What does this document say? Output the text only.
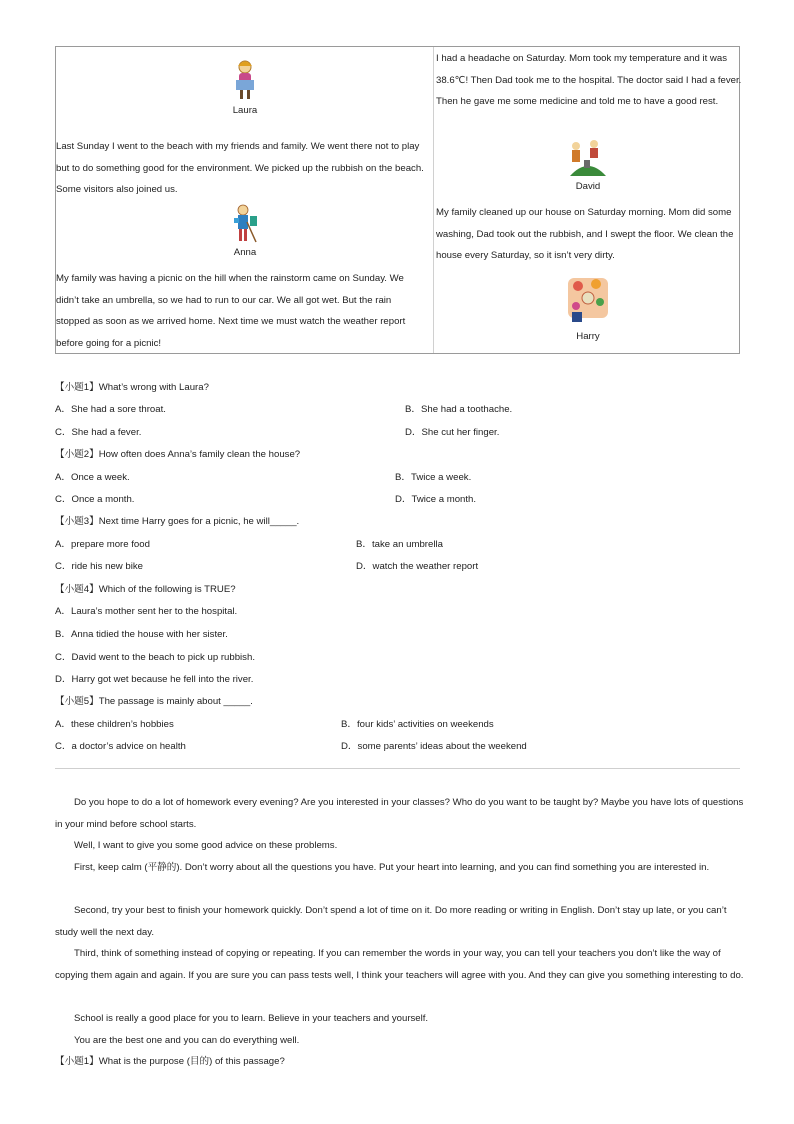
Laura
Last Sunday I went to the beach with my friends and family. We went there not to play but to do something good for the environment. We picked up the rubbish on the beach. Some visitors also joined us.
Anna
My family was having a picnic on the hill when the rainstorm came on Sunday. We didn’t take an umbrella, so we had to run to our car. We all got wet. But the rain stopped as soon as we arrived home. Next time we must watch the weather report before going for a picnic!
I had a headache on Saturday. Mom took my temperature and it was 38.6℃! Then Dad took me to the hospital. The doctor said I had a fever. Then he gave me some medicine and told me to have a good rest.
David
My family cleaned up our house on Saturday morning. Mom did some washing, Dad took out the rubbish, and I swept the floor. We clean the house every Saturday, so it isn’t very dirty.
Harry
【小题1】What’s wrong with Laura?
A．She had a sore throat.	B．She had a toothache.
C．She had a fever.	D．She cut her finger.
【小题2】How often does Anna’s family clean the house?
A．Once a week.	B．Twice a week.
C．Once a month.	D．Twice a month.
【小题3】Next time Harry goes for a picnic, he will_____.
A．prepare more food	B．take an umbrella
C．ride his new bike	D．watch the weather report
【小题4】Which of the following is TRUE?
A．Laura’s mother sent her to the hospital.
B．Anna tidied the house with her sister.
C．David went to the beach to pick up rubbish.
D．Harry got wet because he fell into the river.
【小题5】The passage is mainly about _____.
A．these children’s hobbies	B．four kids’ activities on weekends
C．a doctor’s advice on health	D．some parents’ ideas about the weekend
Do you hope to do a lot of homework every evening? Are you interested in your classes? Who do you want to be taught by? Maybe you have lots of questions in your mind before school starts.
Well, I want to give you some good advice on these problems.
First, keep calm (平静的). Don’t worry about all the questions you have. Put your heart into learning, and you can find something you are interested in.
Second, try your best to finish your homework quickly. Don’t spend a lot of time on it. Do more reading or writing in English. Don’t stay up late, or you can’t study well the next day.
Third, think of something instead of copying or repeating. If you can remember the words in your way, you can tell your teachers you don’t like the way of copying them again and again. If you are sure you can pass tests well, I think your teachers will agree with you. And they can give you something interesting to do.
School is really a good place for you to learn. Believe in your teachers and yourself.
You are the best one and you can do everything well.
【小题1】What is the purpose (目的) of this passage?
